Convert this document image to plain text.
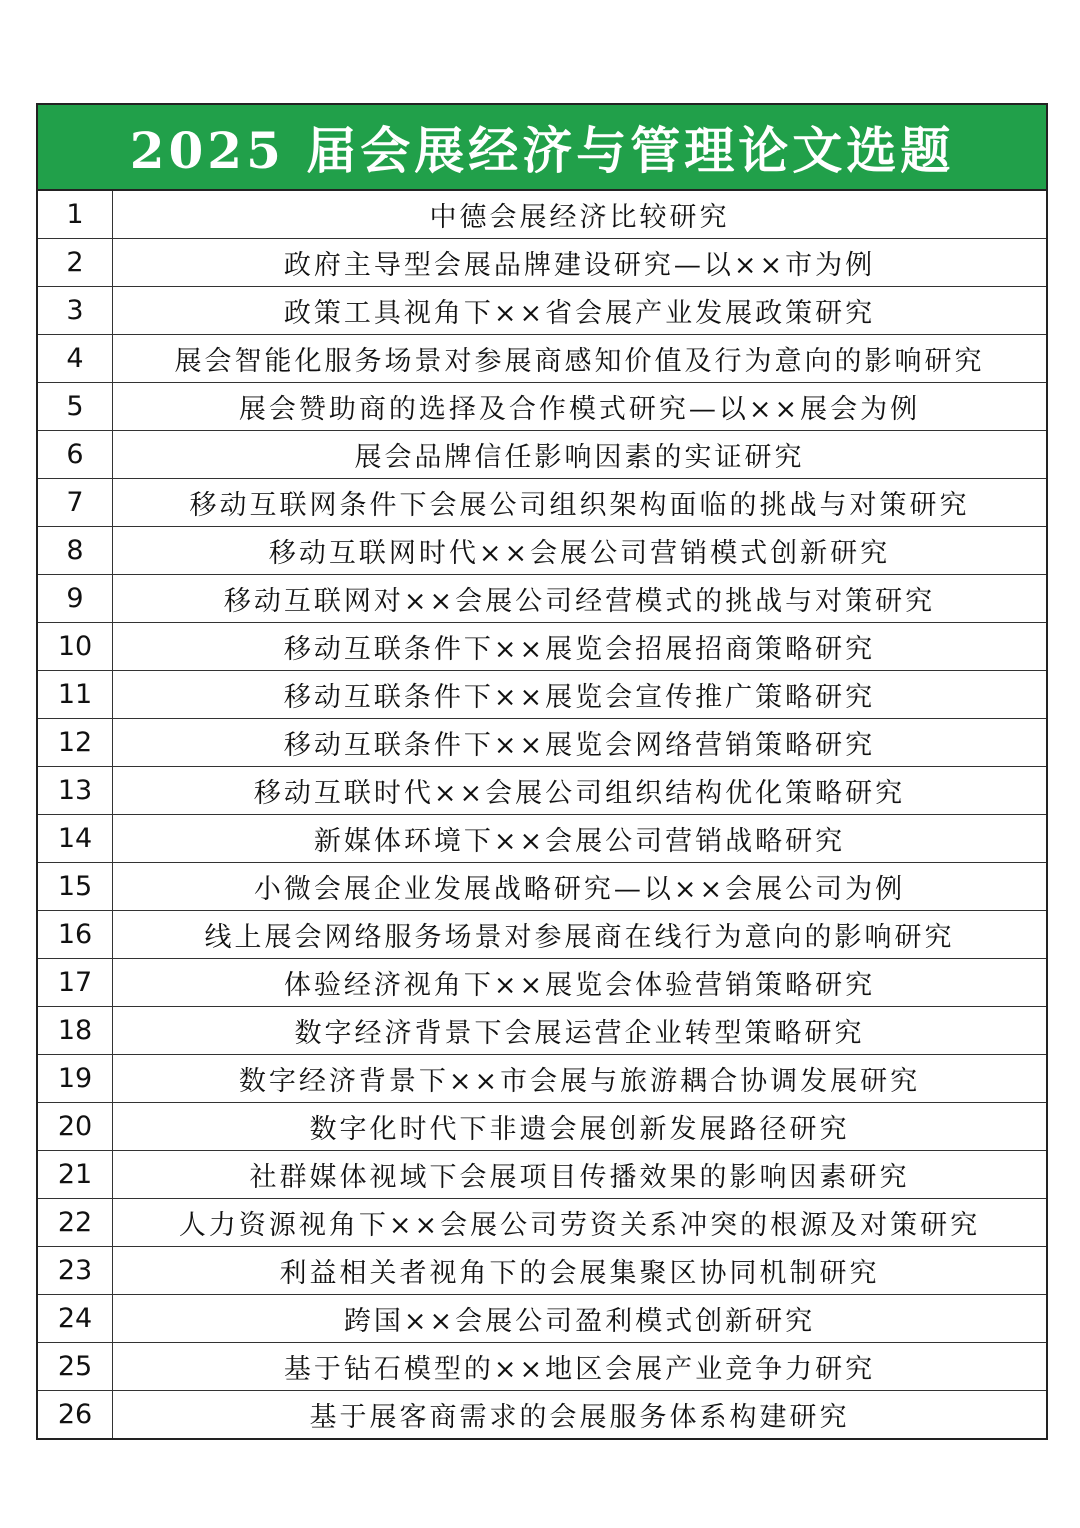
2025 届会展经济与管理论文选题
1	中德会展经济比较研究
2	政府主导型会展品牌建设研究—以××市为例
3	政策工具视角下××省会展产业发展政策研究
4	展会智能化服务场景对参展商感知价值及行为意向的影响研究
5	展会赞助商的选择及合作模式研究—以××展会为例
6	展会品牌信任影响因素的实证研究
7	移动互联网条件下会展公司组织架构面临的挑战与对策研究
8	移动互联网时代××会展公司营销模式创新研究
9	移动互联网对××会展公司经营模式的挑战与对策研究
10	移动互联条件下××展览会招展招商策略研究
11	移动互联条件下××展览会宣传推广策略研究
12	移动互联条件下××展览会网络营销策略研究
13	移动互联时代××会展公司组织结构优化策略研究
14	新媒体环境下××会展公司营销战略研究
15	小微会展企业发展战略研究—以××会展公司为例
16	线上展会网络服务场景对参展商在线行为意向的影响研究
17	体验经济视角下××展览会体验营销策略研究
18	数字经济背景下会展运营企业转型策略研究
19	数字经济背景下××市会展与旅游耦合协调发展研究
20	数字化时代下非遗会展创新发展路径研究
21	社群媒体视域下会展项目传播效果的影响因素研究
22	人力资源视角下××会展公司劳资关系冲突的根源及对策研究
23	利益相关者视角下的会展集聚区协同机制研究
24	跨国××会展公司盈利模式创新研究
25	基于钻石模型的××地区会展产业竞争力研究
26	基于展客商需求的会展服务体系构建研究
